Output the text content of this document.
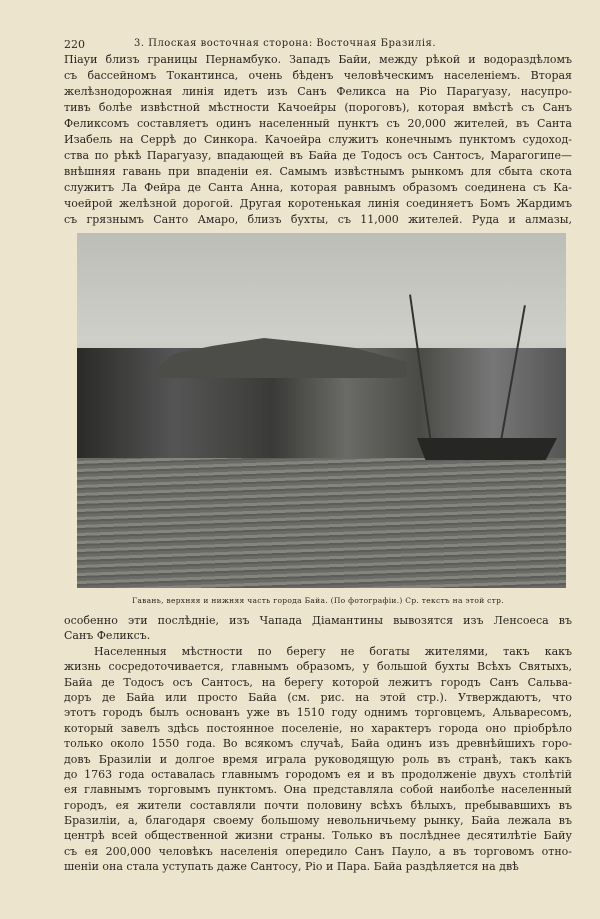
220	3. Плоская восточная сторона: Восточная Бразилія.
Піауи близъ границы Пернамбуко. Западъ Байи, между рѣкой и водораздѣломъ
съ бассейномъ Токантинса, очень бѣденъ человѣческимъ населеніемъ. Вторая
желѣзнодорожная линія идетъ изъ Санъ Феликса на Ріо Парагуазу, насупро-
тивъ болѣе извѣстной мѣстности Качоейры (пороговъ), которая вмѣстѣ съ Санъ
Феликсомъ составляетъ одинъ населенный пунктъ съ 20,000 жителей, въ Санта
Изабель на Серрѣ до Синкора. Качоейра служитъ конечнымъ пунктомъ судоход-
ства по рѣкѣ Парагуазу, впадающей въ Байа де Тодосъ осъ Сантосъ, Марагогипе—
внѣшняя гавань при впаденіи ея. Самымъ извѣстнымъ рынкомъ для сбыта скота
служитъ Ла Фейра де Санта Анна, которая равнымъ образомъ соединена съ Ка-
чоейрой желѣзной дорогой. Другая коротенькая линія соединяетъ Бомъ Жардимъ
съ грязнымъ Санто Амаро, близъ бухты, съ 11,000 жителей. Руда и алмазы,
Гавань, верхняя и нижняя часть города Байа. (По фотографіи.) Ср. текстъ на этой стр.
особенно эти послѣдніе, изъ Чапада Діамантины вывозятся изъ Ленсоеса въ
Санъ Феликсъ.
Населенныя мѣстности по берегу не богаты жителями, такъ какъ
жизнь сосредоточивается, главнымъ образомъ, у большой бухты Всѣхъ Святыхъ,
Байа де Тодосъ осъ Сантосъ, на берегу которой лежитъ городъ Санъ Сальва-
доръ де Байа или просто Байа (см. рис. на этой стр.). Утверждаютъ, что
этотъ городъ былъ основанъ уже въ 1510 году однимъ торговцемъ, Альваресомъ,
который завелъ здѣсь постоянное поселеніе, но характеръ города оно пріобрѣло
только около 1550 года. Во всякомъ случаѣ, Байа одинъ изъ древнѣйшихъ горо-
довъ Бразиліи и долгое время играла руководящую роль въ странѣ, такъ какъ
до 1763 года оставалась главнымъ городомъ ея и въ продолженіе двухъ столѣтій
ея главнымъ торговымъ пунктомъ. Она представляла собой наиболѣе населенный
городъ, ея жители составляли почти половину всѣхъ бѣлыхъ, пребывавшихъ въ
Бразиліи, а, благодаря своему большому невольничьему рынку, Байа лежала въ
центрѣ всей общественной жизни страны. Только въ послѣднее десятилѣтіе Байу
съ ея 200,000 человѣкъ населенія опередило Санъ Пауло, а въ торговомъ отно-
шеніи она стала уступать даже Сантосу, Ріо и Пара. Байа раздѣляется на двѣ
